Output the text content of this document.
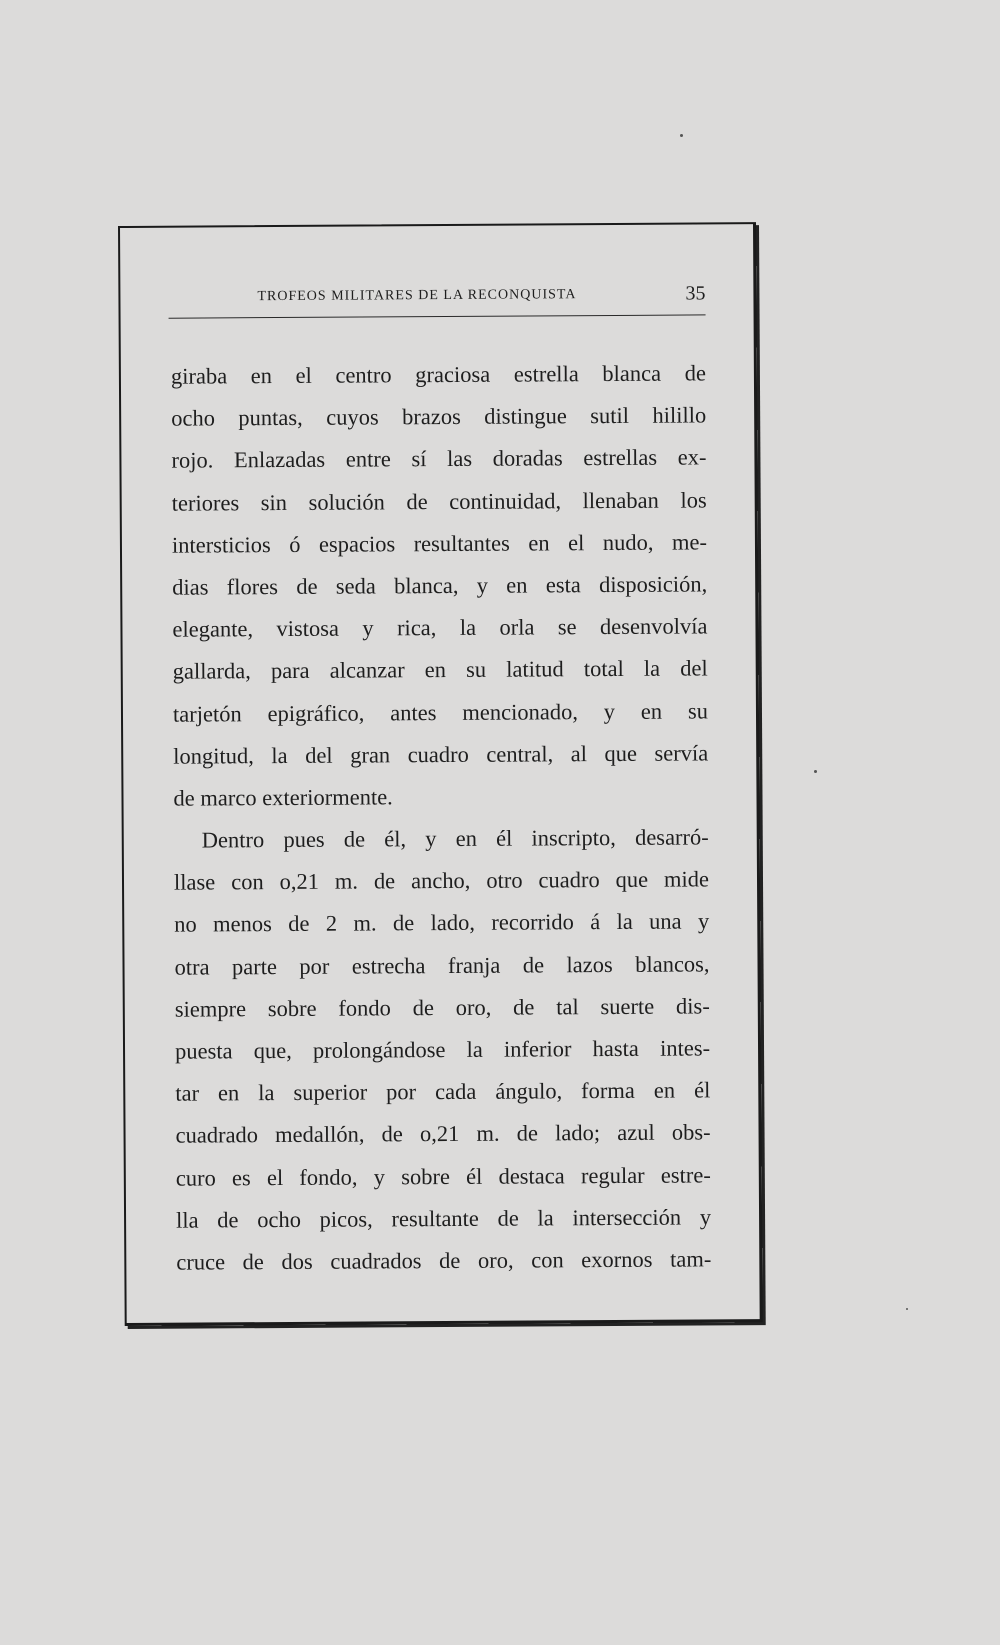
TROFEOS MILITARES DE LA RECONQUISTA	35
giraba en el centro graciosa estrella blanca de
ocho puntas, cuyos brazos distingue sutil hilillo
rojo. Enlazadas entre sí las doradas estrellas ex-
teriores sin solución de continuidad, llenaban los
intersticios ó espacios resultantes en el nudo, me-
dias flores de seda blanca, y en esta disposición,
elegante, vistosa y rica, la orla se desenvolvía
gallarda, para alcanzar en su latitud total la del
tarjetón epigráfico, antes mencionado, y en su
longitud, la del gran cuadro central, al que servía
de marco exteriormente.
Dentro pues de él, y en él inscripto, desarró-
llase con o,21 m. de ancho, otro cuadro que mide
no menos de 2 m. de lado, recorrido á la una y
otra parte por estrecha franja de lazos blancos,
siempre sobre fondo de oro, de tal suerte dis-
puesta que, prolongándose la inferior hasta intes-
tar en la superior por cada ángulo, forma en él
cuadrado medallón, de o,21 m. de lado; azul obs-
curo es el fondo, y sobre él destaca regular estre-
lla de ocho picos, resultante de la intersección y
cruce de dos cuadrados de oro, con exornos tam-
